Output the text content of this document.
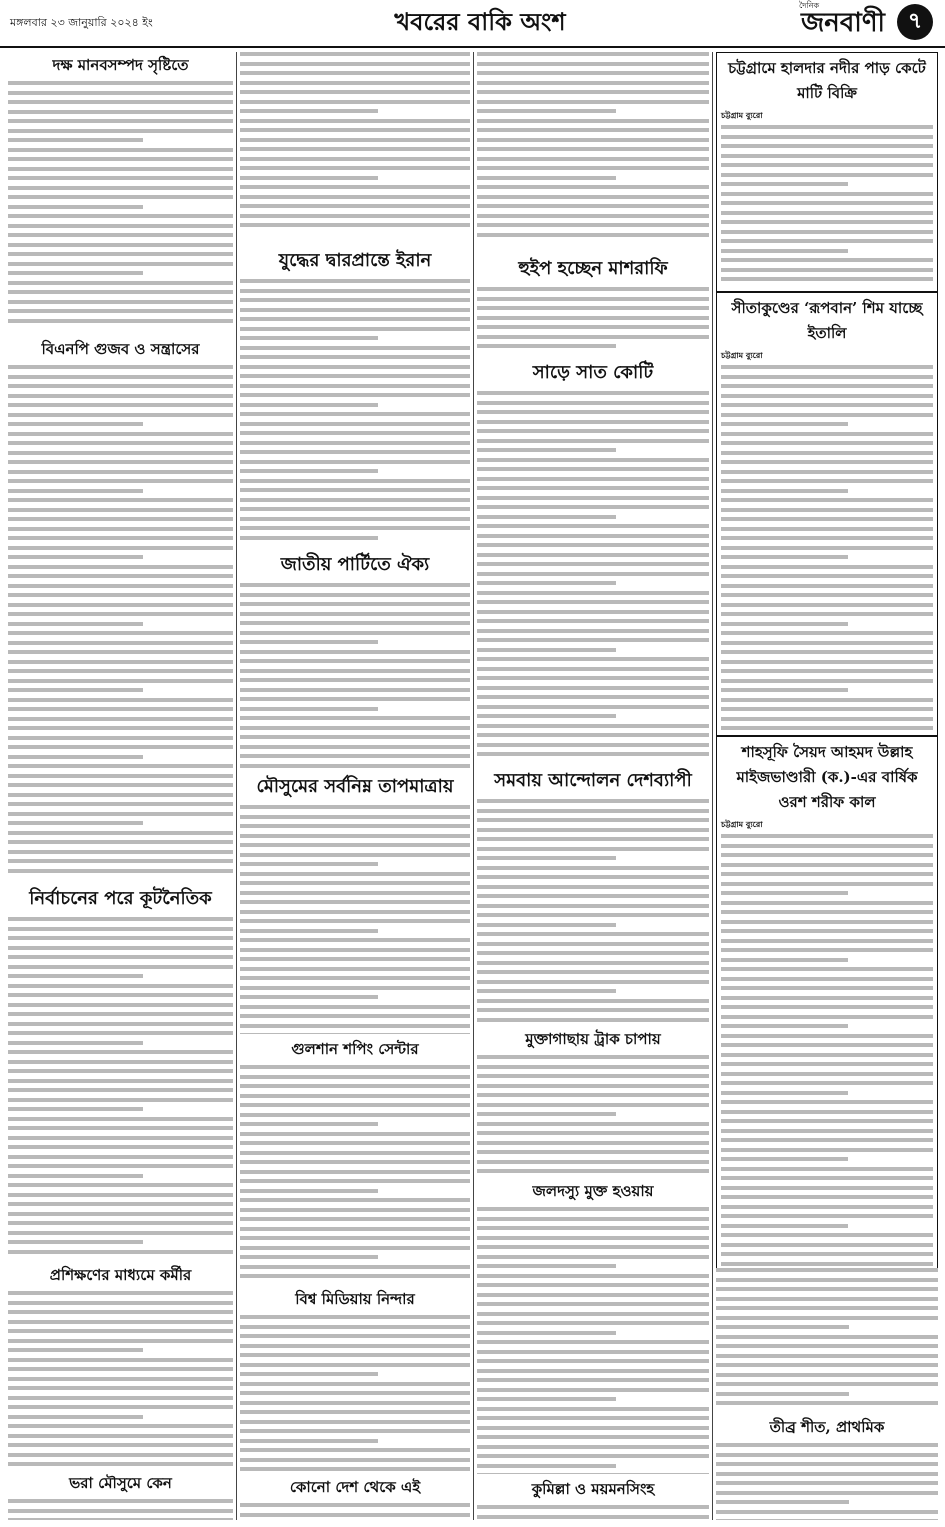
মঙ্গলবার ২৩ জানুয়ারি ২০২৪ ইং	খবরের বাকি অংশ
দৈনিক
জনবাণী	৭
দক্ষ মানবসম্পদ সৃষ্টিতে

বিএনপি গুজব ও সন্ত্রাসের

নির্বাচনের পরে কূটনৈতিক

প্রশিক্ষণের মাধ্যমে কর্মীর

ভরা মৌসুমে কেন

যুদ্ধের দ্বারপ্রান্তে ইরান

জাতীয় পার্টিতে ঐক্য

মৌসুমের সর্বনিম্ন তাপমাত্রায়

গুলশান শপিং সেন্টার

বিশ্ব মিডিয়ায় নিন্দার

কোনো দেশ থেকে এই

হুইপ হচ্ছেন মাশরাফি

সাড়ে সাত কোটি

সমবায় আন্দোলন দেশব্যাপী

মুক্তাগাছায় ট্রাক চাপায়

জলদস্যু মুক্ত হওয়ায়

কুমিল্লা ও ময়মনসিংহ

চট্টগ্রামে হালদার নদীর পাড় কেটে মাটি বিক্রি
চট্টগ্রাম ব্যুরো

সীতাকুণ্ডের ‘রূপবান’ শিম যাচ্ছে ইতালি
চট্টগ্রাম ব্যুরো

শাহসূফি সৈয়দ আহমদ উল্লাহ মাইজভাণ্ডারী (ক.)-এর বার্ষিক ওরশ শরীফ কাল
চট্টগ্রাম ব্যুরো

তীব্র শীত, প্রাথমিক
